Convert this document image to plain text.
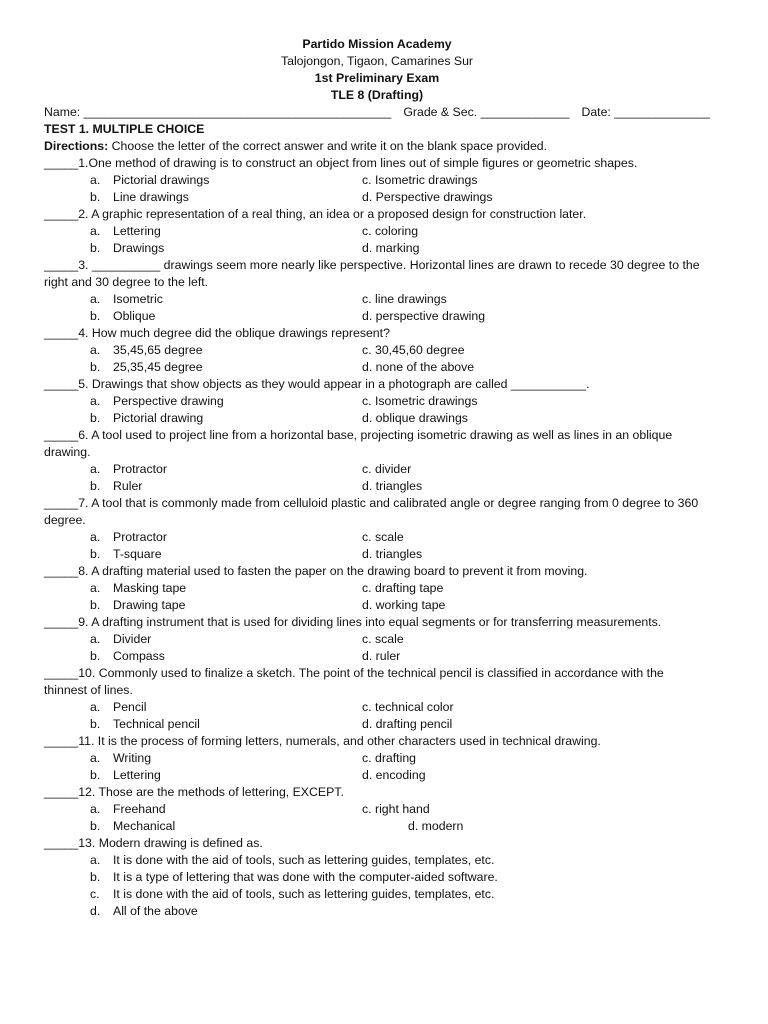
Partido Mission Academy
Talojongon, Tigaon, Camarines Sur
1st Preliminary Exam
TLE 8 (Drafting)
Name: _____________________________________________ Grade & Sec. _____________ Date: ______________
TEST 1. MULTIPLE CHOICE
Directions: Choose the letter of the correct answer and write it on the blank space provided.
_____1.One method of drawing is to construct an object from lines out of simple figures or geometric shapes.
a.	Pictorial drawings	c. Isometric drawings
b.	Line drawings	d. Perspective drawings
_____2. A graphic representation of a real thing, an idea or a proposed design for construction later.
a.	Lettering	c. coloring
b.	Drawings	d. marking
_____3. __________ drawings seem more nearly like perspective. Horizontal lines are drawn to recede 30 degree to the right and 30 degree to the left.
a.	Isometric	c. line drawings
b.	Oblique	d. perspective drawing
_____4. How much degree did the oblique drawings represent?
a.	35,45,65 degree	c. 30,45,60 degree
b.	25,35,45 degree	d. none of the above
_____5. Drawings that show objects as they would appear in a photograph are called ___________.
a.	Perspective drawing	c. Isometric drawings
b.	Pictorial drawing	d. oblique drawings
_____6. A tool used to project line from a horizontal base, projecting isometric drawing as well as lines in an oblique drawing.
a.	Protractor	c. divider
b.	Ruler	d. triangles
_____7. A tool that is commonly made from celluloid plastic and calibrated angle or degree ranging from 0 degree to 360 degree.
a.	Protractor	c. scale
b.	T-square	d. triangles
_____8. A drafting material used to fasten the paper on the drawing board to prevent it from moving.
a.	Masking tape	c. drafting tape
b.	Drawing tape	d. working tape
_____9. A drafting instrument that is used for dividing lines into equal segments or for transferring measurements.
a.	Divider	c. scale
b.	Compass	d. ruler
_____10. Commonly used to finalize a sketch. The point of the technical pencil is classified in accordance with the thinnest of lines.
a.	Pencil	c. technical color
b.	Technical pencil	d. drafting pencil
_____11. It is the process of forming letters, numerals, and other characters used in technical drawing.
a.	Writing	c. drafting
b.	Lettering	d. encoding
_____12. Those are the methods of lettering, EXCEPT.
a.	Freehand	c. right hand
b.	Mechanical	d. modern
_____13. Modern drawing is defined as.
a.	It is done with the aid of tools, such as lettering guides, templates, etc.
b.	It is a type of lettering that was done with the computer-aided software.
c.	It is done with the aid of tools, such as lettering guides, templates, etc.
d.	All of the above
